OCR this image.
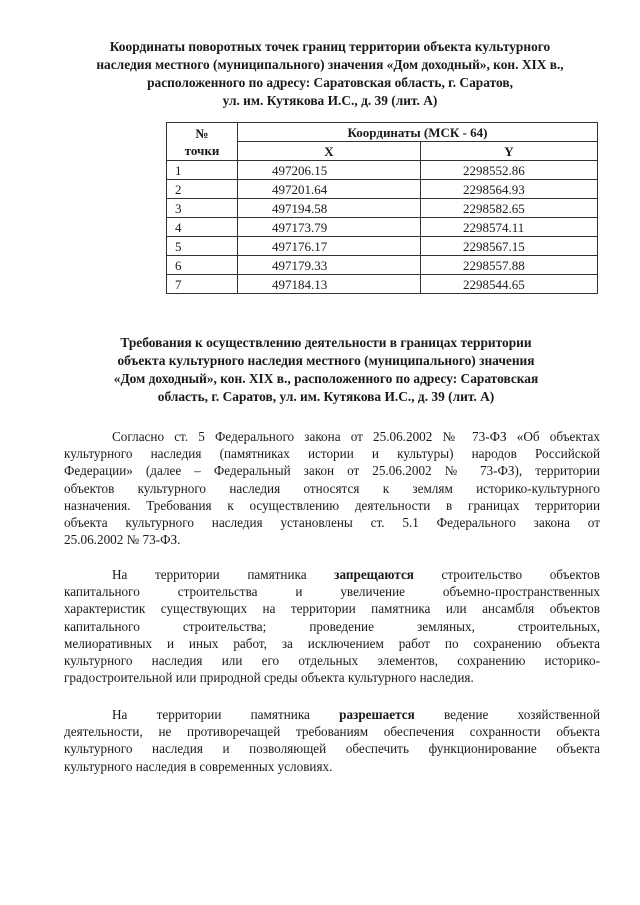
Координаты поворотных точек границ территории объекта культурного
наследия местного (муниципального) значения «Дом доходный», кон. XIX в.,
расположенного по адресу: Саратовская область, г. Саратов,
ул. им. Кутякова И.С., д. 39 (лит. А)
№
точки	Координаты (МСК - 64)	
	X	Y
1	497206.15	2298552.86
2	497201.64	2298564.93
3	497194.58	2298582.65
4	497173.79	2298574.11
5	497176.17	2298567.15
6	497179.33	2298557.88
7	497184.13	2298544.65
Требования к осуществлению деятельности в границах территории
объекта культурного наследия местного (муниципального) значения
«Дом доходный», кон. XIX в., расположенного по адресу: Саратовская
область, г. Саратов, ул. им. Кутякова И.С., д. 39 (лит. А)
Согласно ст. 5 Федерального закона от 25.06.2002 № 73-ФЗ «Об объектах
культурного наследия (памятниках истории и культуры) народов Российской
Федерации» (далее – Федеральный закон от 25.06.2002 № 73-ФЗ), территории
объектов культурного наследия относятся к землям историко-культурного
назначения. Требования к осуществлению деятельности в границах территории
объекта культурного наследия установлены ст. 5.1 Федерального закона от
25.06.2002 № 73-ФЗ.
На территории памятника запрещаются строительство объектов
капитального строительства и увеличение объемно-пространственных
характеристик существующих на территории памятника или ансамбля объектов
капитального строительства; проведение земляных, строительных,
мелиоративных и иных работ, за исключением работ по сохранению объекта
культурного наследия или его отдельных элементов, сохранению историко-
градостроительной или природной среды объекта культурного наследия.
На территории памятника разрешается ведение хозяйственной
деятельности, не противоречащей требованиям обеспечения сохранности объекта
культурного наследия и позволяющей обеспечить функционирование объекта
культурного наследия в современных условиях.
